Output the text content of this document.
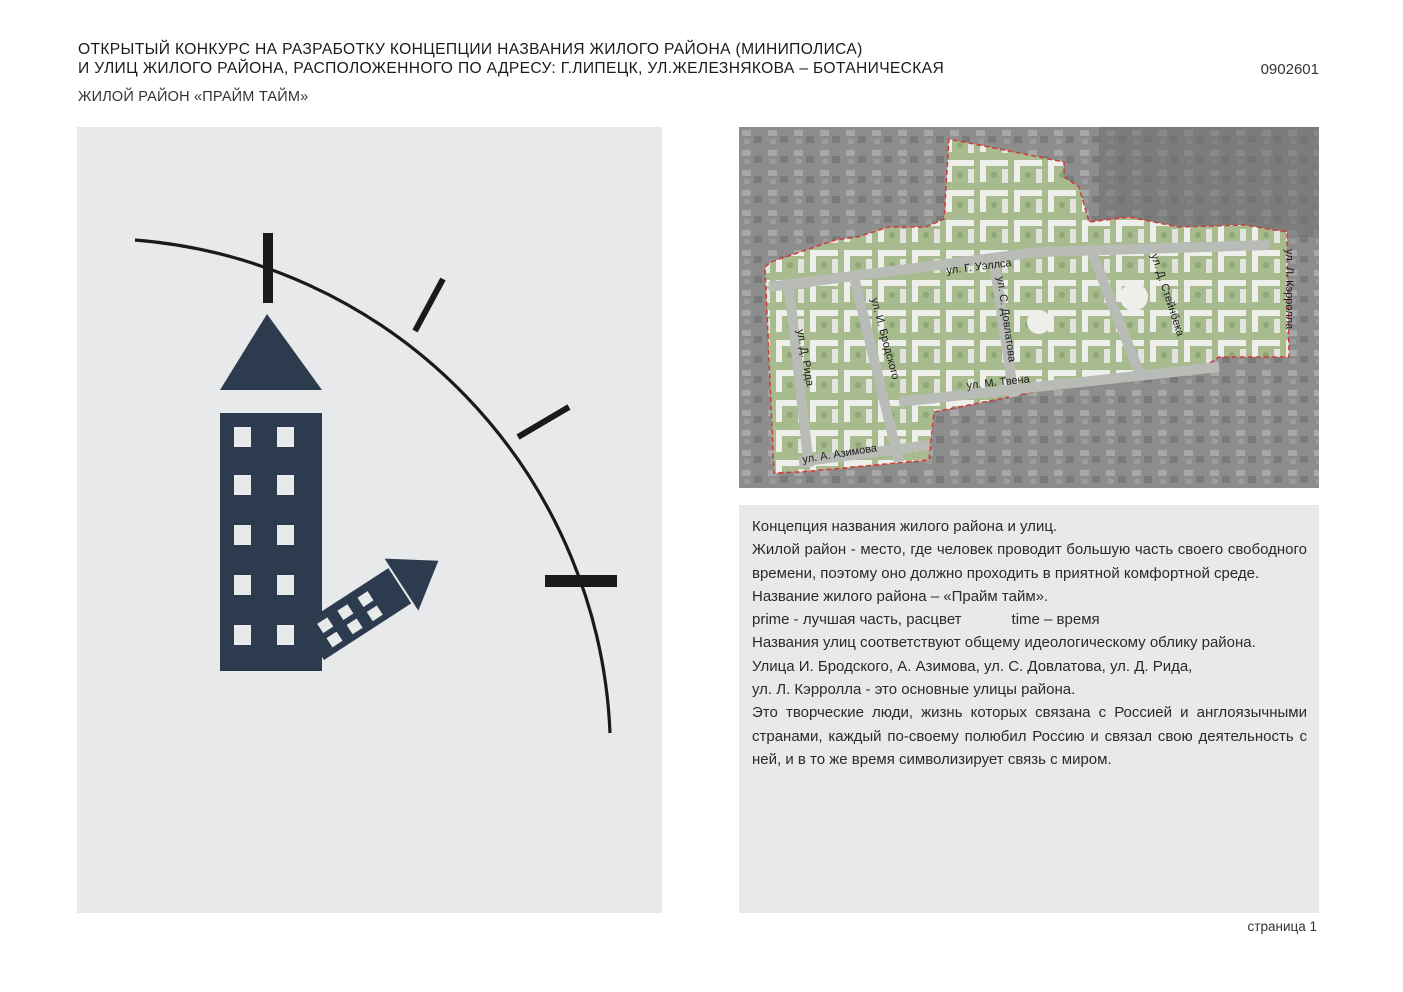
ОТКРЫТЫЙ КОНКУРС НА РАЗРАБОТКУ КОНЦЕПЦИИ НАЗВАНИЯ ЖИЛОГО РАЙОНА (МИНИПОЛИСА)
И УЛИЦ ЖИЛОГО РАЙОНА, РАСПОЛОЖЕННОГО ПО АДРЕСУ: Г.ЛИПЕЦК, УЛ.ЖЕЛЕЗНЯКОВА – БОТАНИЧЕСКАЯ	0902601
ЖИЛОЙ РАЙОН «ПРАЙМ ТАЙМ»
ул. Г. Уэллса
ул. И. Бродского	ул. С. Довлатова	ул. Д. Стейнбека	ул. Л. Кэрролла
ул. Д. Рида	ул. М. Твена
ул. А. Азимова

Концепция названия жилого района и улиц.

Жилой район - место, где человек проводит большую часть своего свободного времени, поэтому оно должно проходить в приятной комфортной среде.

Название жилого района – «Прайм тайм».

prime - лучшая часть, расцвет	time – время

Названия улиц соответствуют общему идеологическому облику района.

Улица И. Бродского, А. Азимова, ул. С. Довлатова, ул. Д. Рида,

ул. Л. Кэрролла - это основные улицы района.

Это творческие люди, жизнь которых связана с Россией и англоязычными странами, каждый по-своему полюбил Россию и связал свою деятельность с ней, и в то же время символизирует связь с миром.

страница 1
